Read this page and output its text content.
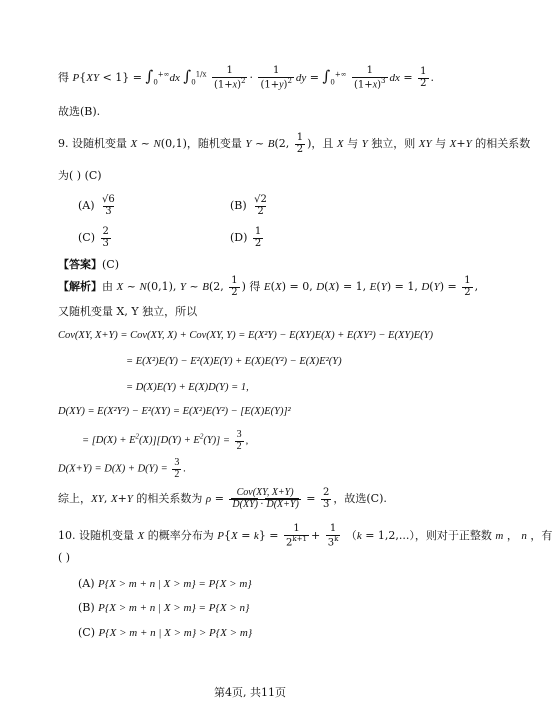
得 $P\{XY < 1\} = \int_0^{+\infty}dx$ $\int_0^{1/x} \frac{1}{(1+x)^2} \cdot \frac{1}{(1+y)^2}$ dy = $\int_0^{+\infty} \frac{1}{(1+x)^3}$ dx = $\frac{1}{2}$ .
故选(B).
9. 设随机变量 X ~ N(0,1)，随机变量 Y ~ B(2, $\frac{1}{2}$ )，且 X 与 Y 独立，则 XY 与 X+Y 的相关系数
为( ) (C)
$(A) \frac{√6}{3}$	$(B) \frac{√2}{2}$
$(C) \frac{2}{3}$	$(D) \frac{1}{2}$
【答案】(C)
【解析】由 X ~ N(0,1), Y ~ B(2, $\frac{1}{2}$ ) 得 E(X) = 0, D(X) = 1, E(Y) = 1, $D(Y) = \frac{1}{2}$ ,
又随机变量 X, Y 独立，所以
Cov(XY, X+Y) = Cov(XY, X) + Cov(XY, Y) = E(X²Y) − E(XY)E(X) + E(XY²) − E(XY)E(Y)
= E(X²)E(Y) − E²(X)E(Y) + E(X)E(Y²) − E(X)E²(Y)
= D(X)E(Y) + E(X)D(Y) = 1,
D(XY) = E(X²Y²) − E²(XY) = E(X²)E(Y²) − [E(X)E(Y)]²
= $[D(X) + E^2(X)][D(Y) + E^2(Y)] = \frac{3}{2}$ ,
$D(X+Y) = D(X) + D(Y) = \frac{3}{2}$ .
综上，XY, X+Y 的相关系数为 $\rho = \frac{\text{Cov(XY, X+Y)}}{D(XY) \cdot D(X+Y)} = \frac{2}{3}$ ，故选(C).
10. 设随机变量 X 的概率分布为 $P\{X = k\} = \frac{1}{2^{k+1}} + \frac{1}{3^k} (k = 1,2,...)$，则对于正整数 m ， n ，有
( )
(A) P{X > m + n | X > m} = P{X > m}
(B) P{X > m + n | X > m} = P{X > n}
(C) P{X > m + n | X > m} > P{X > m}
第4页, 共11页
